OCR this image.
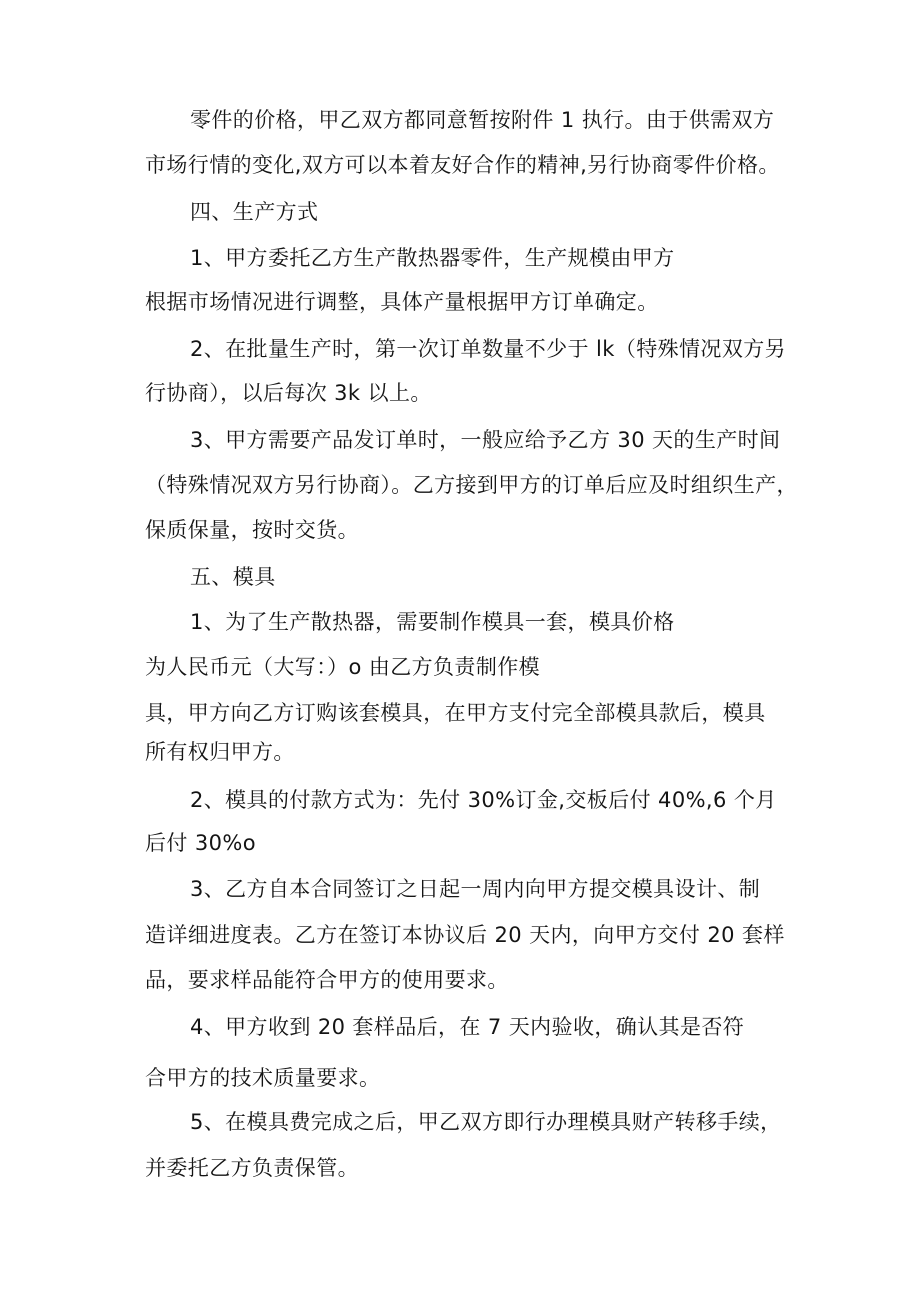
零件的价格，甲乙双方都同意暂按附件 1 执行。由于供需双方
市场行情的变化,双方可以本着友好合作的精神,另行协商零件价格。
四、生产方式
1、甲方委托乙方生产散热器零件，生产规模由甲方
根据市场情况进行调整，具体产量根据甲方订单确定。
2、在批量生产时，第一次订单数量不少于 lk（特殊情况双方另
行协商），以后每次 3k 以上。
3、甲方需要产品发订单时，一般应给予乙方 30 天的生产时间
（特殊情况双方另行协商）。乙方接到甲方的订单后应及时组织生产，
保质保量，按时交货。
五、模具
1、为了生产散热器，需要制作模具一套，模具价格
为人民币元（大写：）o 由乙方负责制作模
具，甲方向乙方订购该套模具，在甲方支付完全部模具款后，模具
所有权归甲方。
2、模具的付款方式为：先付 30%订金,交板后付 40%,6 个月
后付 30%o
3、乙方自本合同签订之日起一周内向甲方提交模具设计、制
造详细进度表。乙方在签订本协议后 20 天内，向甲方交付 20 套样
品，要求样品能符合甲方的使用要求。
4、甲方收到 20 套样品后，在 7 天内验收，确认其是否符
合甲方的技术质量要求。
5、在模具费完成之后，甲乙双方即行办理模具财产转移手续，
并委托乙方负责保管。
